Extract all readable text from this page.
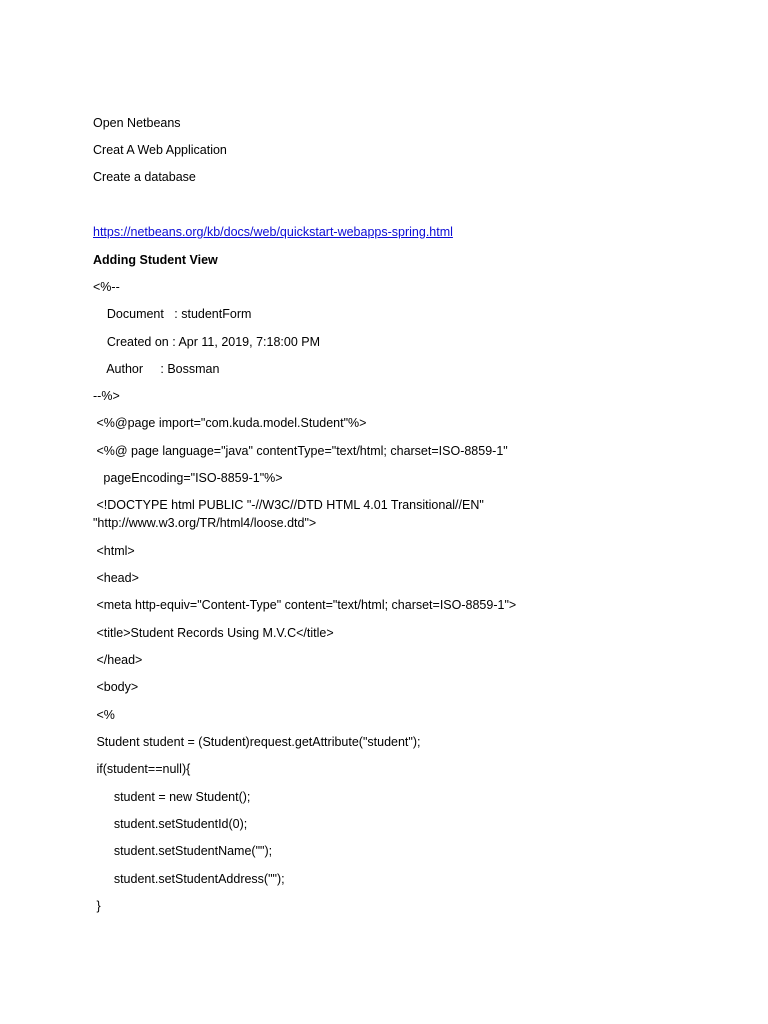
Open Netbeans

Creat A Web Application

Create a database

https://netbeans.org/kb/docs/web/quickstart-webapps-spring.html

Adding Student View

<%--

Document   : studentForm

Created on : Apr 11, 2019, 7:18:00 PM

Author     : Bossman

--%>

<%@page import="com.kuda.model.Student"%>

<%@ page language="java" contentType="text/html; charset=ISO-8859-1"

pageEncoding="ISO-8859-1"%>

<!DOCTYPE html PUBLIC "-//W3C//DTD HTML 4.01 Transitional//EN"

"http://www.w3.org/TR/html4/loose.dtd">

<html>

<head>

<meta http-equiv="Content-Type" content="text/html; charset=ISO-8859-1">

<title>Student Records Using M.V.C</title>

</head>

<body>

<%

Student student = (Student)request.getAttribute("student");

if(student==null){

student = new Student();

student.setStudentId(0);

student.setStudentName("");

student.setStudentAddress("");

}
